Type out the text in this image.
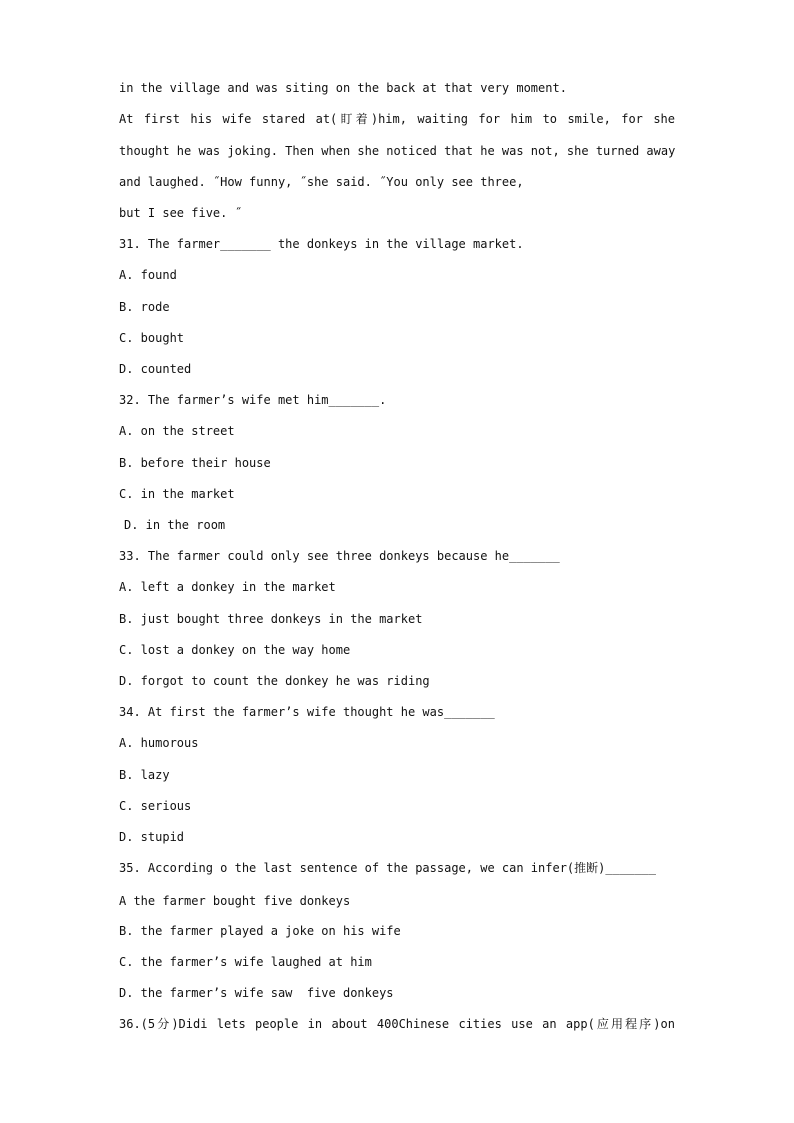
in the village and was siting on the back at that very moment.
At first his wife stared at(盯着)him, waiting for him to smile, for she
thought he was joking. Then when she noticed that he was not, she turned away
and laughed. ˝How funny, ˝she said. ˝You only see three,
but I see five. ˝
31. The farmer_______ the donkeys in the village market.
A. found
B. rode
C. bought
D. counted
32. The farmer’s wife met him_______.
A. on the street
B. before their house
C. in the market
D. in the room
33. The farmer could only see three donkeys because he_______
A. left a donkey in the market
B. just bought three donkeys in the market
C. lost a donkey on the way home
D. forgot to count the donkey he was riding
34. At first the farmer’s wife thought he was_______
A. humorous
B. lazy
C. serious
D. stupid
35. According o the last sentence of the passage, we can infer(推断)_______
A the farmer bought five donkeys
B. the farmer played a joke on his wife
C. the farmer’s wife laughed at him
D. the farmer’s wife saw  five donkeys
36.(5分)Didi lets people in about 400Chinese cities use an app(应用程序)on
